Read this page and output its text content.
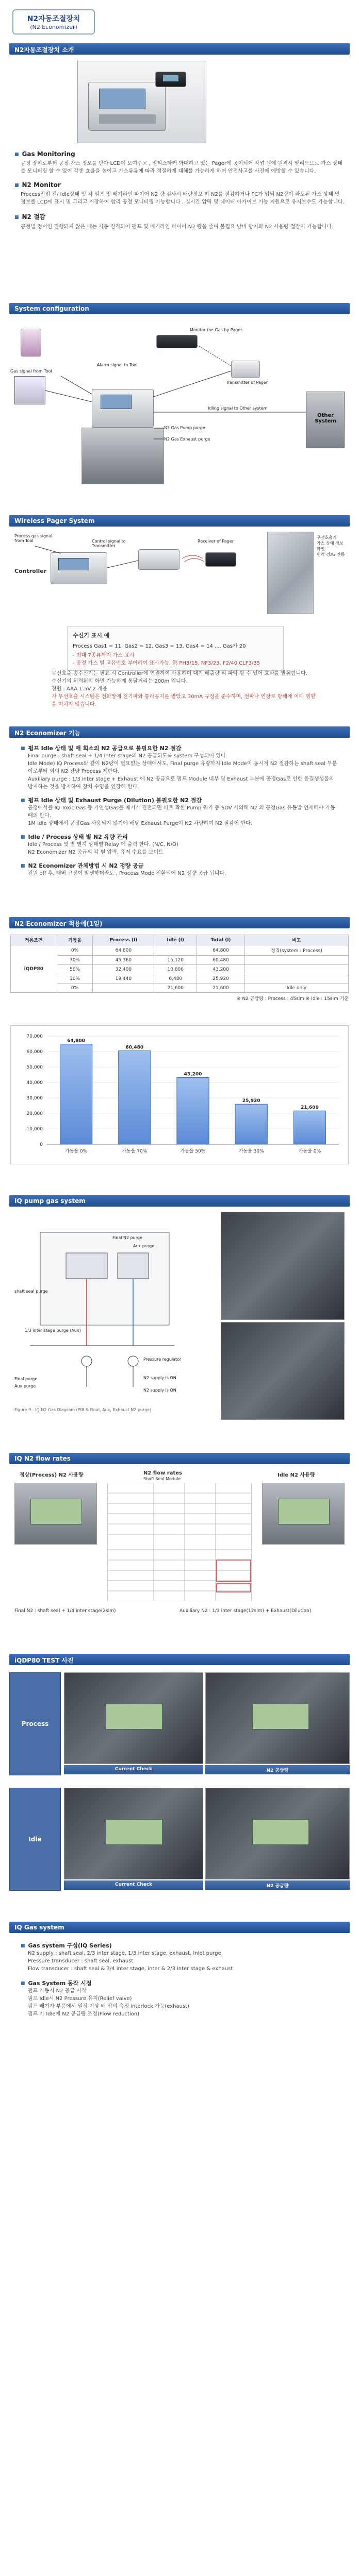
N2자동조절장치
(N2 Economizer)
N2자동조절장치 소개
■ Gas Monitoring
공정 장비로부터 공정 가스 정보를 받아 LCD에 보여주고 , 멀티스타커 화대하고 있는 Pager에 공이되어 작업 원에 원격시 알리으므로 가스 상태를 모니터링 할 수 있어 각종 효율을 높이고 가스류류에 따라 적절하게 대해를 가능하게 하여 안전사고를 사전에 예방할 수 있습니다.
■ N2 Monitor
Process진입 전/ Idle상태 및 각 펌프 및 배기라인 파이어 N2 량 검사시 배량정보 하 N2를 절감하거나 PC가 입되 N2량이 과도된 가스 상태 및 정보를 LCD에 표시 및 그리고 저장하여 합리 공정 모니터링 가능합니다 . 실시간 압력 및 데이터 아카이브 기능 지원으로 유지보수도 가능합니다.
■ N2 절감
공정별 정서인 진행되지 않은 때는 자동 진격되어 펌프 및 배기라인 파이어 N2 량을 줄여 불필요 낭비 방지와 N2 사용량 절감이 가능합니다.
System configuration
Monitor the Gas by Pager
Transmitter of Pager
Alarm signal to Tool
Gas signal from Tool
Other System
Idling signal to Other system
N2 Gas Pump purge
N2 Gas Exhaust purge
Wireless Pager System
Process gas signal from Tool
Controller
Control signal to Transmitter
Receiver of Pager
무선호출기
가스 상태 정보 확인
원격 경보/ 진동
수신기 표시 예
Process Gas1 = 11, Gas2 = 12, Gas3 = 13, Gas4 = 14 .... Gas가 20
- 최대 7종류까지 가스 표시
- 공정 가스 별 고유번호 부여하여 표시가능, 例 PH3/15, NF3/23, F2/40,CLF3/35
무선호출 송수신기는 필요 시 Controller에 연결하여 사용하며 대기 배출량 리 파악 할 수 있어 효과를 발휘합니다.
수신기의 위력위의 화면 가능하게 통달거리는 200m 입니다.
전원 : AAA 1.5V 2 개용
각 무선호출 시스템은 전화망에 전기파와 통라공지를 받았고 30mA 규정을 준수하며, 전파나 연장로 방해에 어떠 영향을 미치지 않습니다.
N2 Economizer 기능
■ 펌프 Idle 상태 및 매 회소의 N2 공급으로 불필요한 N2 절감
Final purge : shaft seal + 1/4 inter stage의 N2 공급되도록 system 구성되어 있다.
Idle Mode) IQ Process와 같이 N2량이 필요없는 상태에서도, Final purge 유량까지 Idle Mode이 동시적 N2 절감하는 shaft seal 부분이로부터 외의 N2 잔양 Process 제한다.
Auxiliary purge : 1/3 inter stage + Exhaust 에 N2 공급으로 펌프 Module 내부 및 Exhaust 부분에 공정Gas로 인한 응결생성물의 방지하는 것을 방지하여 장치 수명을 연장해 한다.
■ 펌프 Idle 상태 및 Exhaust Purge (Dilution) 불필요한 N2 절감
공정에서를 IQ Toxic Gas 등 가연성Gas를 배기가 진전되면 파트 확한 Pump 워기 등 SOV 사의해 N2 의 공정Gas 유동발 언제해야 가동 때의 한다.
1M Idle 상태에서 공정Gas 사용되지 않기에 해당 Exhaust Purge이 N2 차량하여 N2 절감이 한다.
■ Idle / Process 상태 별 N2 유량 관리
Idle / Process 및 별 별지 상태별 Relay 에 출력 한다. (N/C, N/O)
N2 Economizer N2 공급의 각 별 압력, 유저 수요를 보이트
■ N2 Economizer 관체방법 시 N2 정량 공급
전원 off 후, 래버 고장이 발생하더라도 , Process Mode 전환되어 N2 정량 공급 됩니다.
N2 Economizer 적용예(1일)
적용조건	기동율	Process (l)	Idle (l)	Total (l)	비고
iQDP80	0%	64,800		64,800	정격(system : Process)
	70%	45,360	15,120	60,480	
	50%	32,400	10,800	43,200	
	30%	19,440	6,480	25,920	
	0%		21,600	21,600	Idle only
※ N2 공급량 : Process : 45slm ※ Idle : 15slm 기준
70,000
60,000
50,000
40,000
30,000
20,000
10,000
0
64,800
가동율 0%
60,480
가동율 70%
43,200
가동율 50%
25,920
가동율 30%
21,600
가동율 0%
IQ pump gas system
Final N2 purge
Aux purge
shaft seal purge
1/3 inter stage purge (Aux)
Pressure regulator
N2 supply is ON
N2 supply is ON
Final purge
Aux purge
Figure 9 - IQ N2 Gas Diagram (PIB & Final, Aux, Exhaust N2 purge)
IQ N2 flow rates
정상(Process) N2 사용량	N2 flow rates
Shaft Seal Module
Idle N2 사용량
Final N2 : shaft seal + 1/4 inter stage(2slm)	Auxiliary N2 : 1/3 inter stage(12slm) + Exhaust(Dilution)
iQDP80 TEST 사진
Process
Current Check	N2 공급량
Idle
Current Check	N2 공급량
IQ Gas system
■ Gas system 구성(IQ Series)
N2 supply : shaft seal, 2/3 inter stage, 1/3 inter stage, exhaust, Inlet purge
Pressure transducer : shaft seal, exhaust
Flow transducer : shaft seal & 3/4 inter stage, inter & 2/3 inter stage & exhaust
■ Gas System 동작 시점
펌프 가동시 N2 공급 시작
펌프 Idle시 N2 Pressure 유지(Relief valve)
펌프 배기가 부품에서 일정 이상 배 압의 측정 interlock 가능(exhaust)
펌프 가 Idle에 N2 공급량 조정(Flow reduction)
